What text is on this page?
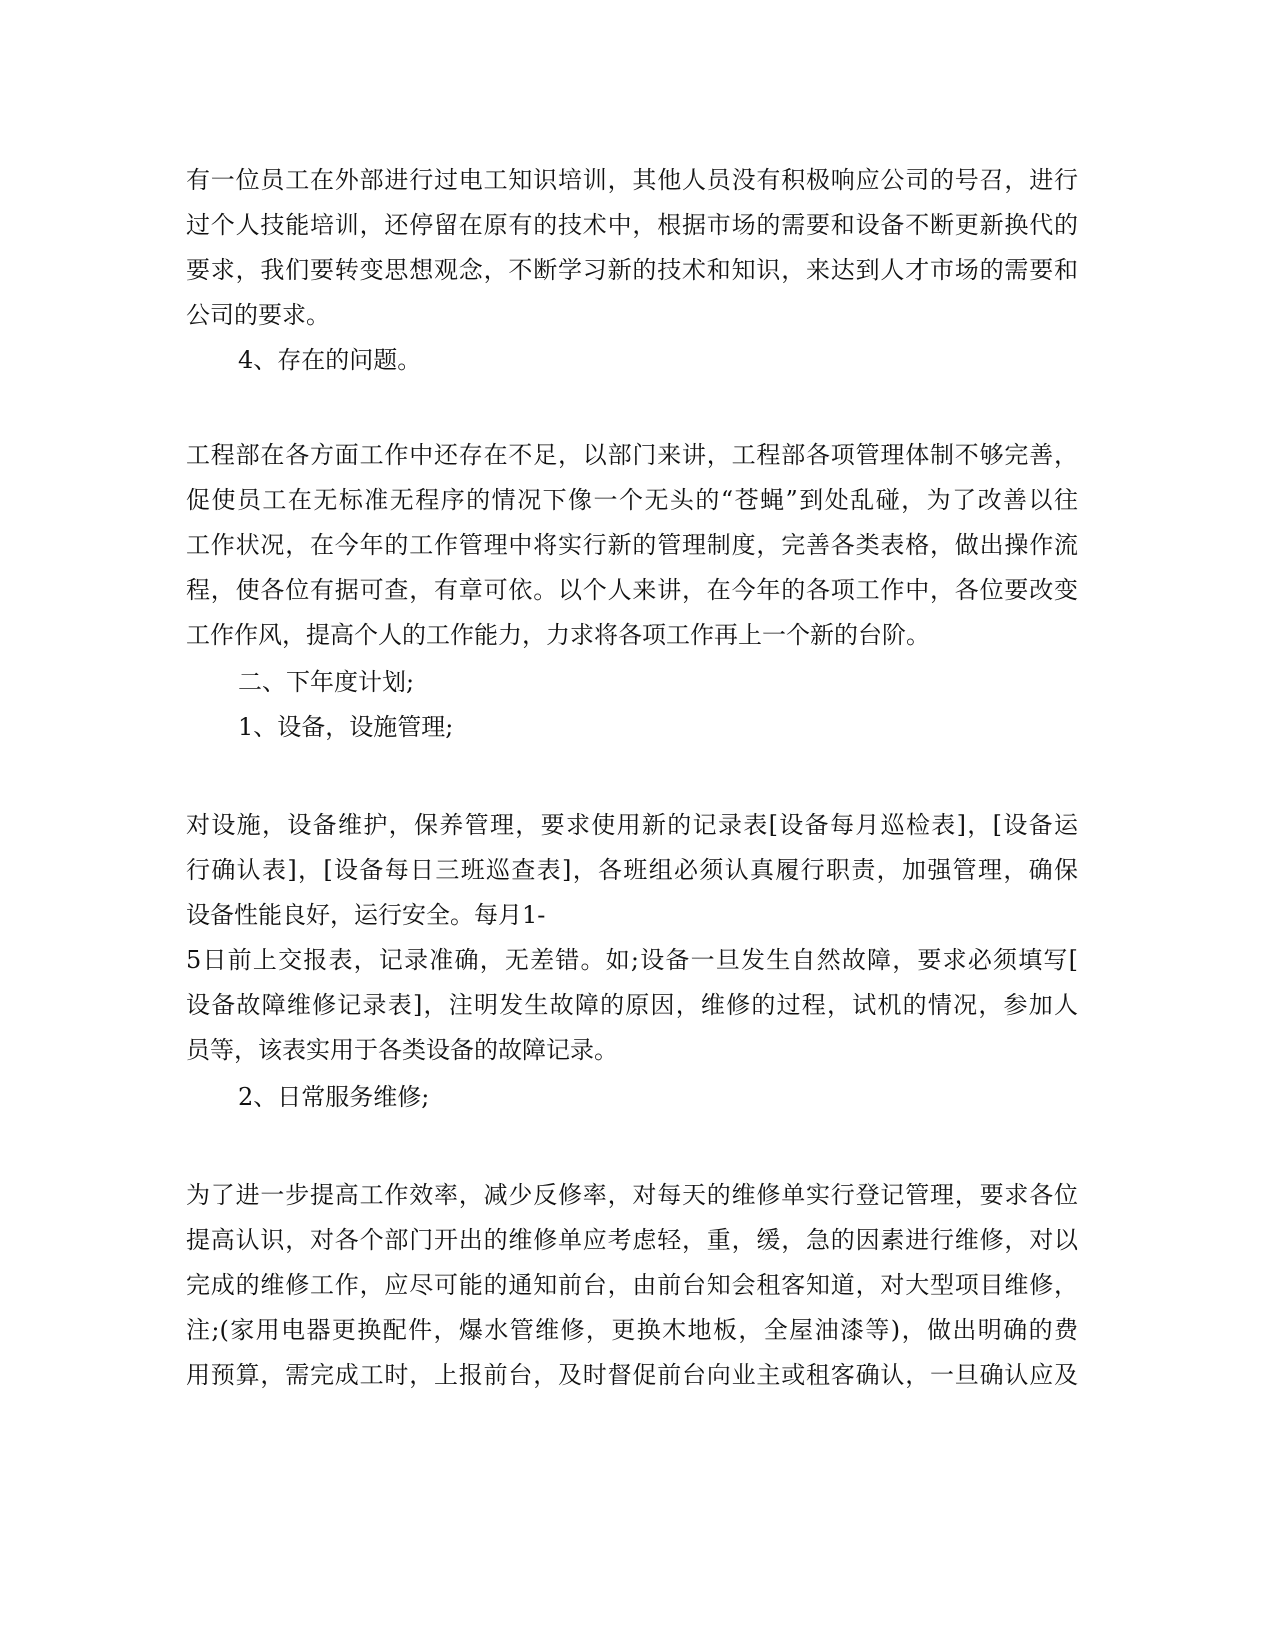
有一位员工在外部进行过电工知识培训，其他人员没有积极响应公司的号召，进行
过个人技能培训，还停留在原有的技术中，根据市场的需要和设备不断更新换代的
要求，我们要转变思想观念，不断学习新的技术和知识，来达到人才市场的需要和
公司的要求。
4、存在的问题。
工程部在各方面工作中还存在不足，以部门来讲，工程部各项管理体制不够完善，
促使员工在无标准无程序的情况下像一个无头的“苍蝇”到处乱碰，为了改善以往
工作状况，在今年的工作管理中将实行新的管理制度，完善各类表格，做出操作流
程，使各位有据可查，有章可依。以个人来讲，在今年的各项工作中，各位要改变
工作作风，提高个人的工作能力，力求将各项工作再上一个新的台阶。
二、下年度计划;
1、设备，设施管理;
对设施，设备维护，保养管理，要求使用新的记录表[设备每月巡检表]，[设备运
行确认表]，[设备每日三班巡查表]，各班组必须认真履行职责，加强管理，确保
设备性能良好，运行安全。每月1-
5日前上交报表，记录准确，无差错。如;设备一旦发生自然故障，要求必须填写[
设备故障维修记录表]，注明发生故障的原因，维修的过程，试机的情况，参加人
员等，该表实用于各类设备的故障记录。
2、日常服务维修;
为了进一步提高工作效率，减少反修率，对每天的维修单实行登记管理，要求各位
提高认识，对各个部门开出的维修单应考虑轻，重，缓，急的因素进行维修，对以
完成的维修工作，应尽可能的通知前台，由前台知会租客知道，对大型项目维修，
注;(家用电器更换配件，爆水管维修，更换木地板，全屋油漆等)，做出明确的费
用预算，需完成工时，上报前台，及时督促前台向业主或租客确认，一旦确认应及
